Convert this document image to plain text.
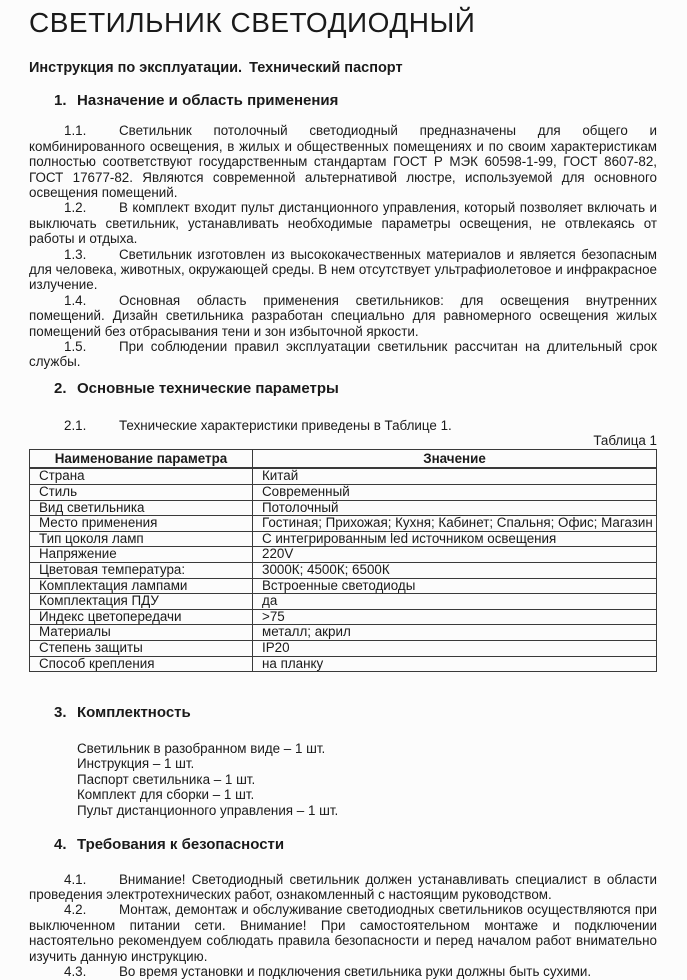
СВЕТИЛЬНИК СВЕТОДИОДНЫЙ

Инструкция по эксплуатации. Технический паспорт

1. Назначение и область применения

1.1. Светильник потолочный светодиодный предназначены для общего и комбинированного освещения, в жилых и общественных помещениях и по своим характеристикам полностью соответствуют государственным стандартам ГОСТ Р МЭК 60598-1-99, ГОСТ 8607-82, ГОСТ 17677-82. Являются современной альтернативой люстре, используемой для основного освещения помещений.

1.2. В комплект входит пульт дистанционного управления, который позволяет включать и выключать светильник, устанавливать необходимые параметры освещения, не отвлекаясь от работы и отдыха.

1.3. Светильник изготовлен из высококачественных материалов и является безопасным для человека, животных, окружающей среды. В нем отсутствует ультрафиолетовое и инфракрасное излучение.

1.4. Основная область применения светильников: для освещения внутренних помещений. Дизайн светильника разработан специально для равномерного освещения жилых помещений без отбрасывания тени и зон избыточной яркости.

1.5. При соблюдении правил эксплуатации светильник рассчитан на длительный срок службы.

2. Основные технические параметры

2.1. Технические характеристики приведены в Таблице 1.

Таблица 1

Наименование параметра	Значение
Страна	Китай
Стиль	Современный
Вид светильника	Потолочный
Место применения	Гостиная; Прихожая; Кухня; Кабинет; Спальня; Офис; Магазин
Тип цоколя ламп	С интегрированным led источником освещения
Напряжение	220V
Цветовая температура:	3000К; 4500К; 6500К
Комплектация лампами	Встроенные светодиоды
Комплектация ПДУ	да
Индекс цветопередачи	>75
Материалы	металл; акрил
Степень защиты	IP20
Способ крепления	на планку
3. Комплектность

Светильник в разобранном виде – 1 шт.

Инструкция – 1 шт.

Паспорт светильника – 1 шт.

Комплект для сборки – 1 шт.

Пульт дистанционного управления – 1 шт.

4. Требования к безопасности

4.1. Внимание! Светодиодный светильник должен устанавливать специалист в области проведения электротехнических работ, ознакомленный с настоящим руководством.

4.2. Монтаж, демонтаж и обслуживание светодиодных светильников осуществляются при выключенном питании сети. Внимание! При самостоятельном монтаже и подключении настоятельно рекомендуем соблюдать правила безопасности и перед началом работ внимательно изучить данную инструкцию.

4.3. Во время установки и подключения светильника руки должны быть сухими.
